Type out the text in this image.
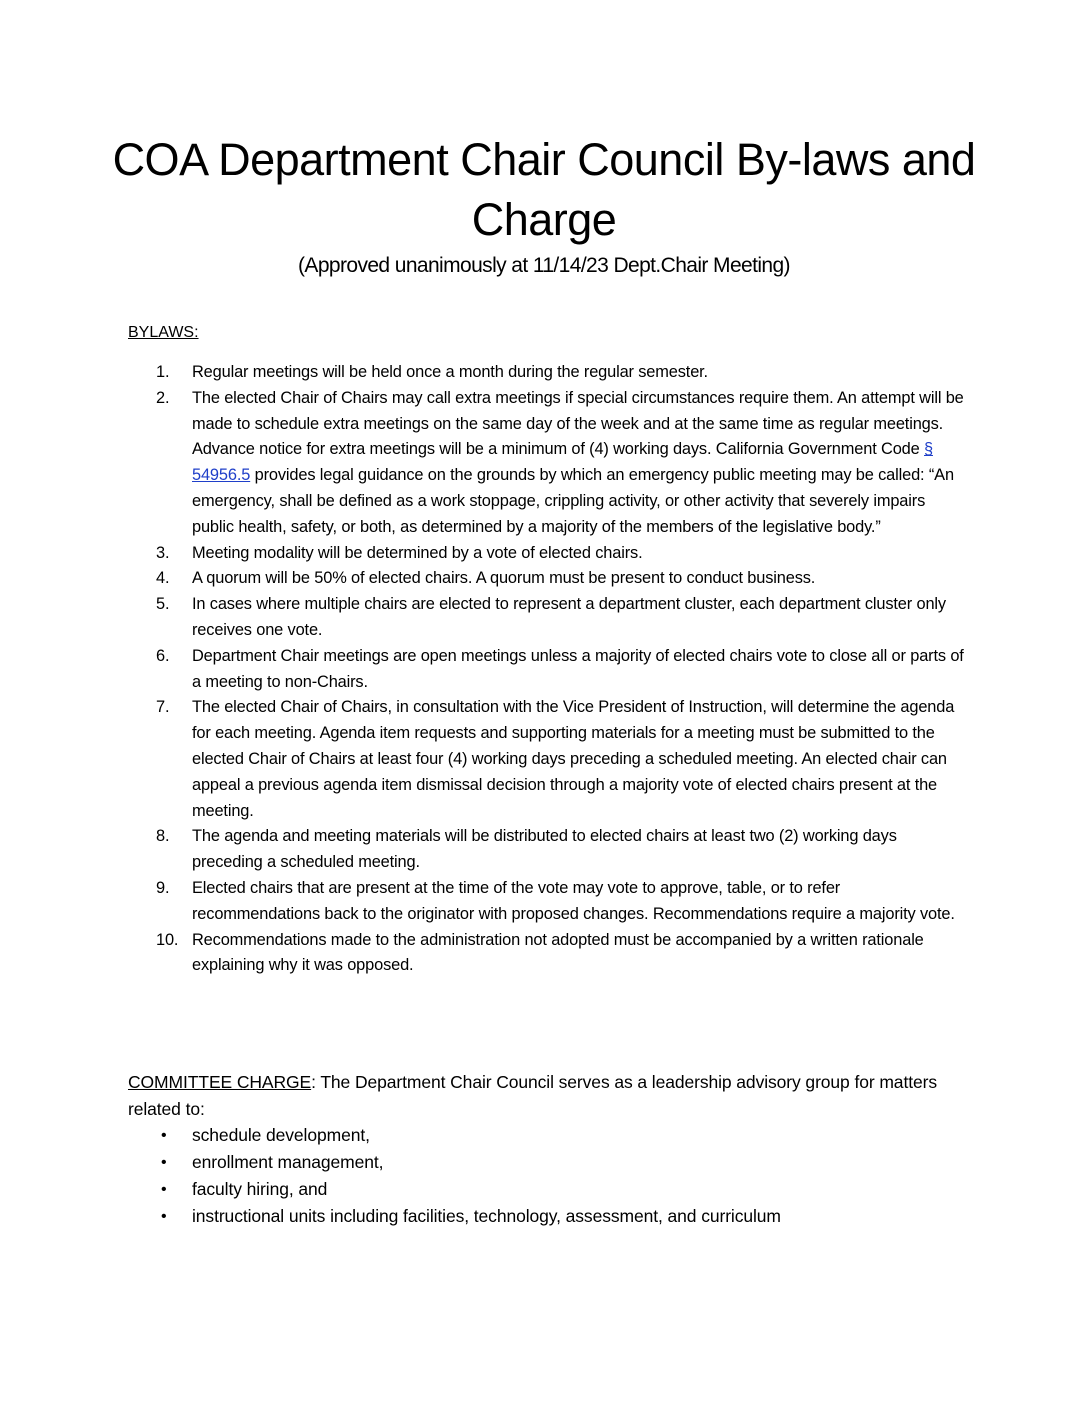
COA Department Chair Council By-laws and Charge

(Approved unanimously at 11/14/23 Dept.Chair Meeting)

BYLAWS:

1.	Regular meetings will be held once a month during the regular semester.
2.	The elected Chair of Chairs may call extra meetings if special circumstances require them. An attempt will be made to schedule extra meetings on the same day of the week and at the same time as regular meetings. Advance notice for extra meetings will be a minimum of (4) working days. California Government Code § 54956.5 provides legal guidance on the grounds by which an emergency public meeting may be called: “An emergency, shall be defined as a work stoppage, crippling activity, or other activity that severely impairs public health, safety, or both, as determined by a majority of the members of the legislative body.”
3.	Meeting modality will be determined by a vote of elected chairs.
4.	A quorum will be 50% of elected chairs. A quorum must be present to conduct business.
5.	In cases where multiple chairs are elected to represent a department cluster, each department cluster only receives one vote.
6.	Department Chair meetings are open meetings unless a majority of elected chairs vote to close all or parts of a meeting to non-Chairs.
7.	The elected Chair of Chairs, in consultation with the Vice President of Instruction, will determine the agenda for each meeting. Agenda item requests and supporting materials for a meeting must be submitted to the elected Chair of Chairs at least four (4) working days preceding a scheduled meeting. An elected chair can appeal a previous agenda item dismissal decision through a majority vote of elected chairs present at the meeting.
8.	The agenda and meeting materials will be distributed to elected chairs at least two (2) working days preceding a scheduled meeting.
9.	Elected chairs that are present at the time of the vote may vote to approve, table, or to refer recommendations back to the originator with proposed changes. Recommendations require a majority vote.
10. Recommendations made to the administration not adopted must be accompanied by a written rationale explaining why it was opposed.

COMMITTEE CHARGE: The Department Chair Council serves as a leadership advisory group for matters related to:

• schedule development,
• enrollment management,
• faculty hiring, and
• instructional units including facilities, technology, assessment, and curriculum
